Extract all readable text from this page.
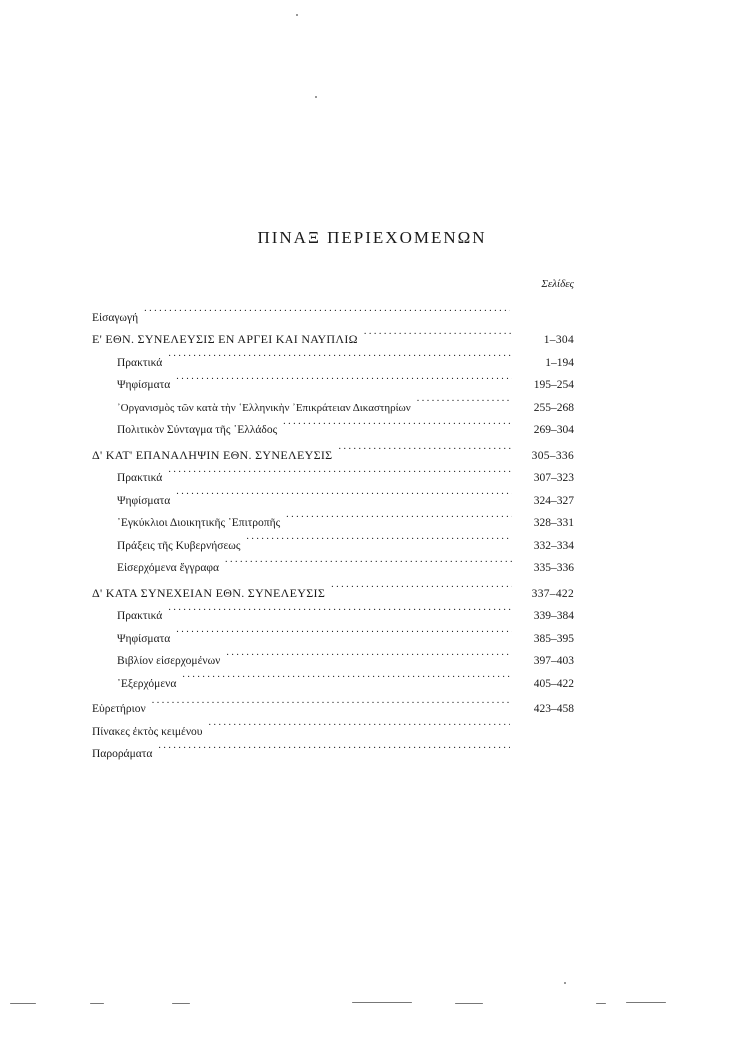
ΠΙΝΑΞ ΠΕΡΙΕΧΟΜΕΝΩΝ
Σελίδες
Εἰσαγωγή
. . .
Ε' ΕΘΝ. ΣΥΝΕΛΕΥΣΙΣ ΕΝ ΑΡΓΕΙ ΚΑΙ ΝΑΥΠΛΙΩ . . .	1–304
Πρακτικά . . .	1–194
Ψηφίσματα . . .	195–254
᾿Οργανισμὸς τῶν κατὰ τὴν ῾Ελληνικὴν ᾿Επικράτειαν Δικαστηρίων . . .	255–268
Πολιτικὸν Σύνταγμα τῆς ῾Ελλάδος . . .	269–304
Δ' ΚΑΤ' ΕΠΑΝΑΛΗΨΙΝ ΕΘΝ. ΣΥΝΕΛΕΥΣΙΣ . . .	305–336
Πρακτικά . . .	307–323
Ψηφίσματα . . .	324–327
᾿Εγκύκλιοι Διοικητικῆς ᾿Επιτροπῆς . . .	328–331
Πράξεις τῆς Κυβερνήσεως . . .	332–334
Εἰσερχόμενα ἔγγραφα . . .	335–336
Δ' ΚΑΤΑ ΣΥΝΕΧΕΙΑΝ ΕΘΝ. ΣΥΝΕΛΕΥΣΙΣ . . .	337–422
Πρακτικά . . .	339–384
Ψηφίσματα . . .	385–395
Βιβλίον εἰσερχομένων . . .	397–403
᾿Εξερχόμενα . . .	405–422
Εὑρετήριον . . .	423–458
Πίνακες ἐκτὸς κειμένου
. . .
Παροράματα
. . .
